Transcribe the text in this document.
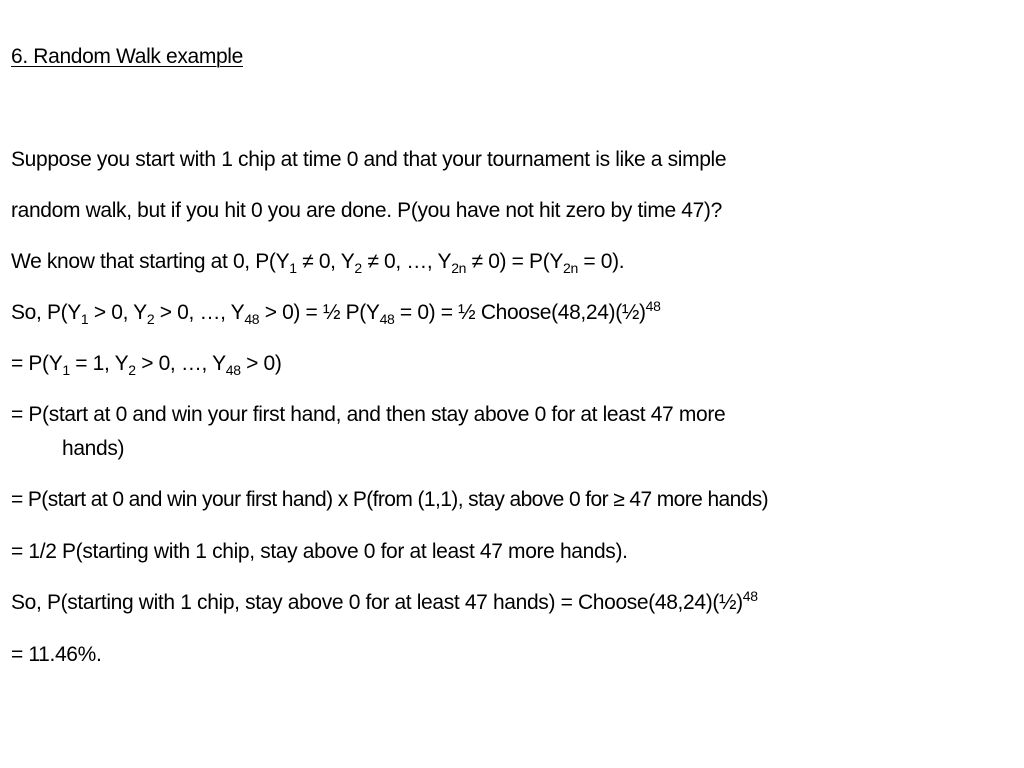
6. Random Walk example
Suppose you start with 1 chip at time 0 and that your tournament is like a simple
random walk, but if you hit 0 you are done. P(you have not hit zero by time 47)?
We know that starting at 0, $P(Y_1 \ne 0$, $Y_2 \ne 0$, …, $Y_{2n} \ne 0) = P(Y_{2n} = 0)$.
So, $P(Y_1 > 0$, $Y_2 > 0$, …, $Y_{48} > 0$) = ½ $P(Y_{48} = 0)$ = ½ Choose(48,24)(½)$^{48}$
= $P(Y_1 = 1$, $Y_2 > 0$, …, $Y_{48} > 0$)
= P(start at 0 and win your first hand, and then stay above 0 for at least 47 more
hands)
= P(start at 0 and win your first hand) x P(from (1,1), stay above 0 for ≥ 47 more hands)
= 1/2 P(starting with 1 chip, stay above 0 for at least 47 more hands).
So, P(starting with 1 chip, stay above 0 for at least 47 hands) = Choose(48,24)(½)$^{48}$
= 11.46%.
